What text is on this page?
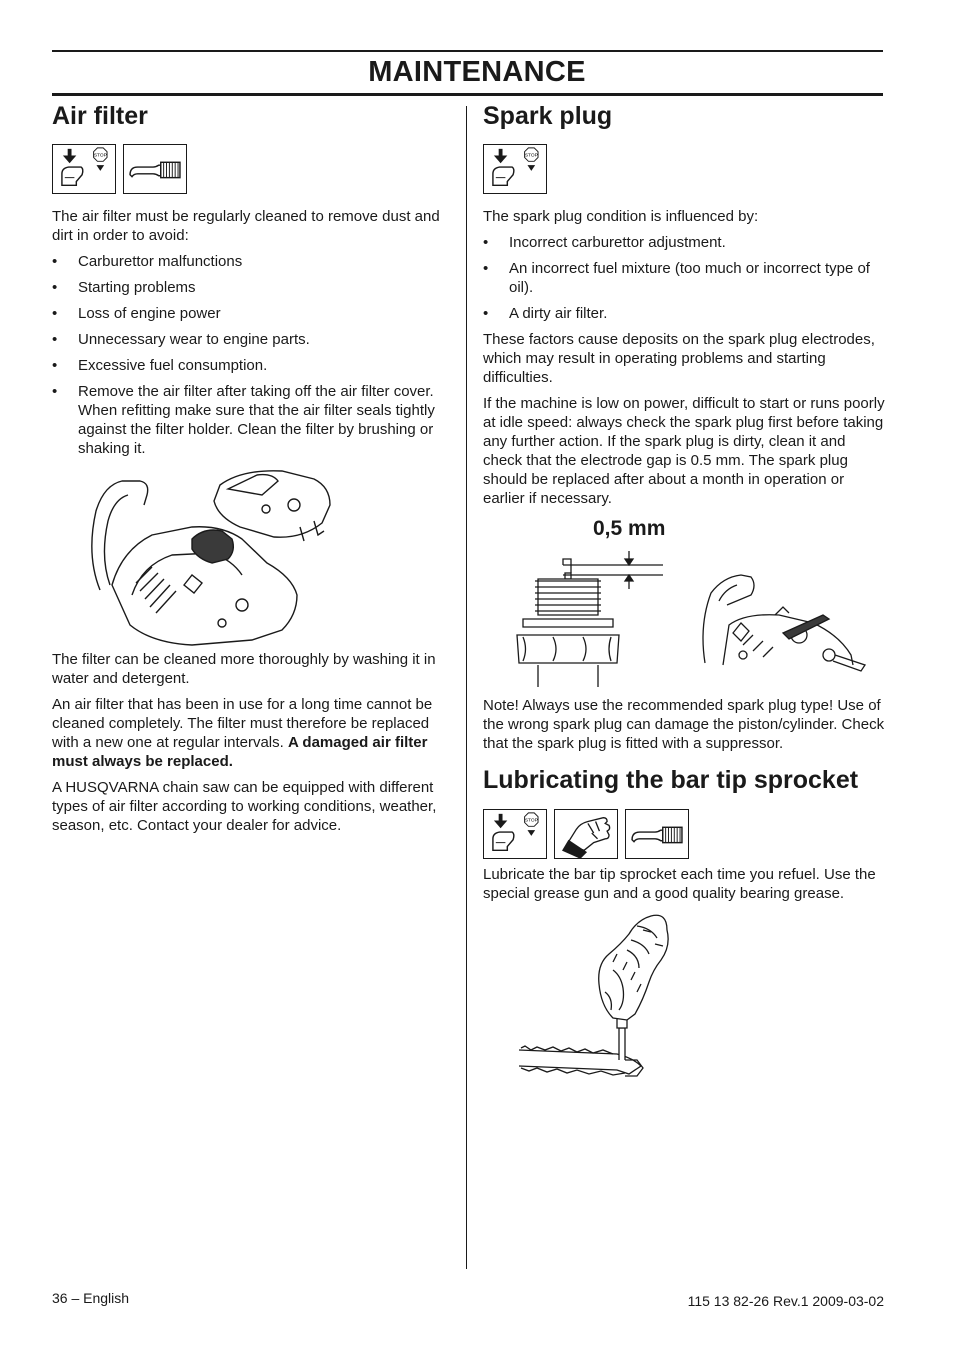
MAINTENANCE
Air filter
STOP

The air filter must be regularly cleaned to remove dust and dirt in order to avoid:

• Carburettor malfunctions
• Starting problems
• Loss of engine power
• Unnecessary wear to engine parts.
• Excessive fuel consumption.
• Remove the air filter after taking off the air filter cover. When refitting make sure that the air filter seals tightly against the filter holder. Clean the filter by brushing or shaking it.

The filter can be cleaned more thoroughly by washing it in water and detergent.

An air filter that has been in use for a long time cannot be cleaned completely. The filter must therefore be replaced with a new one at regular intervals. A damaged air filter must always be replaced.

A HUSQVARNA chain saw can be equipped with different types of air filter according to working conditions, weather, season, etc. Contact your dealer for advice.

Spark plug
STOP

The spark plug condition is influenced by:

• Incorrect carburettor adjustment.
• An incorrect fuel mixture (too much or incorrect type of oil).
• A dirty air filter.

These factors cause deposits on the spark plug electrodes, which may result in operating problems and starting difficulties.

If the machine is low on power, difficult to start or runs poorly at idle speed: always check the spark plug first before taking any further action. If the spark plug is dirty, clean it and check that the electrode gap is 0.5 mm. The spark plug should be replaced after about a month in operation or earlier if necessary.

0,5 mm

Note! Always use the recommended spark plug type! Use of the wrong spark plug can damage the piston/cylinder. Check that the spark plug is fitted with a suppressor.

Lubricating the bar tip sprocket
STOP

Lubricate the bar tip sprocket each time you refuel. Use the special grease gun and a good quality bearing grease.

36 – English	115 13 82-26 Rev.1 2009-03-02
